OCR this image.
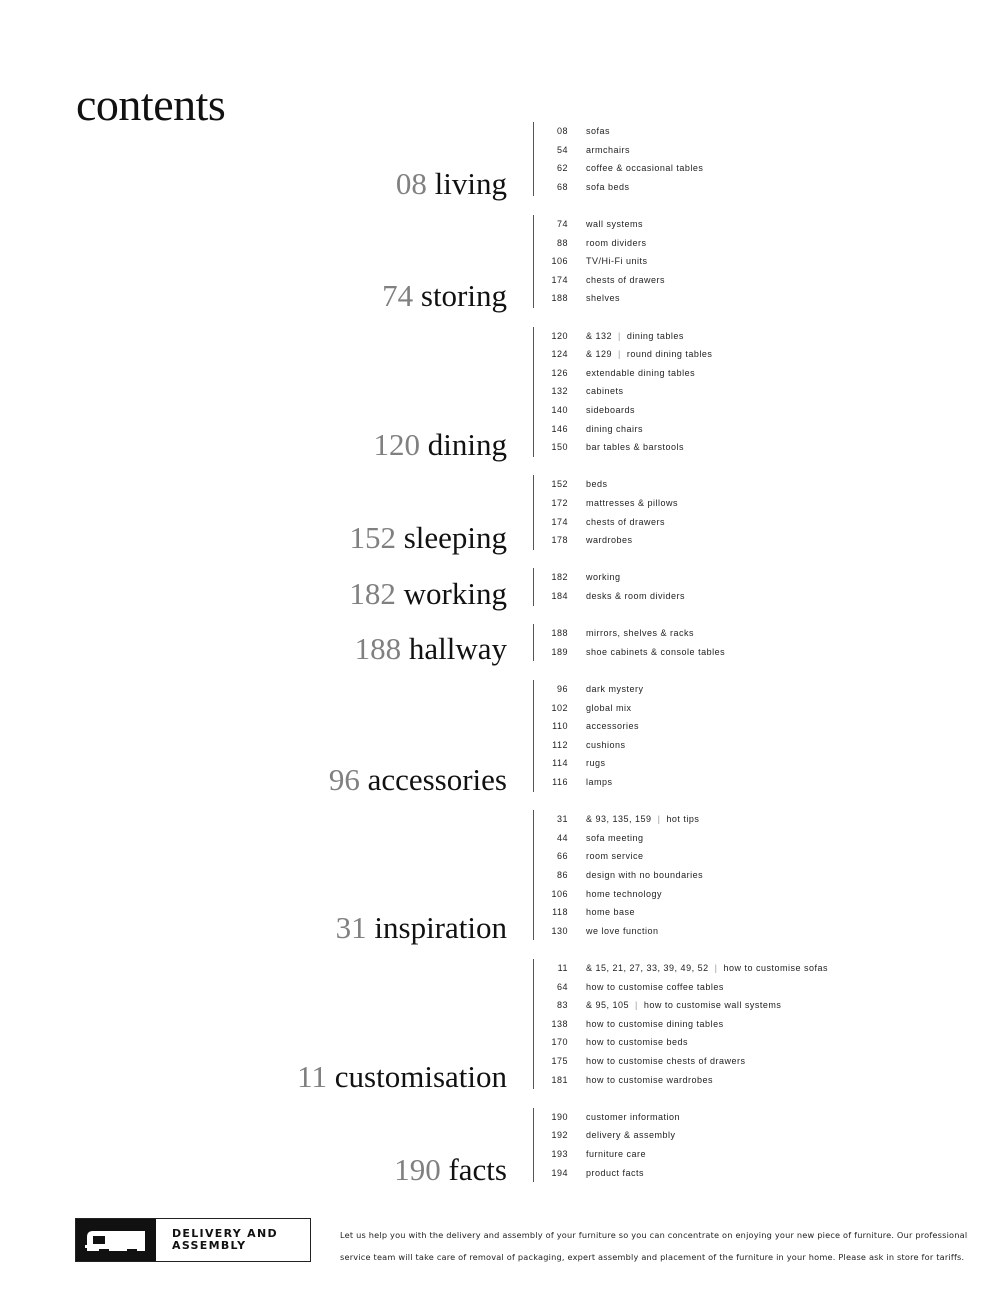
contents
08 living
08 sofas
54 armchairs
62 coffee & occasional tables
68 sofa beds
74 storing
74 wall systems
88 room dividers
106 TV/Hi-Fi units
174 chests of drawers
188 shelves
120 dining
120 & 132 | dining tables
124 & 129 | round dining tables
126 extendable dining tables
132 cabinets
140 sideboards
146 dining chairs
150 bar tables & barstools
152 sleeping
152 beds
172 mattresses & pillows
174 chests of drawers
178 wardrobes
182 working	182 working
184 desks & room dividers
188 hallway	188 mirrors, shelves & racks
189 shoe cabinets & console tables
96 accessories
96 dark mystery
102 global mix
110 accessories
112 cushions
114 rugs
116 lamps
31 inspiration
31 & 93, 135, 159 | hot tips
44 sofa meeting
66 room service
86 design with no boundaries
106 home technology
118 home base
130 we love function
11 customisation
11 & 15, 21, 27, 33, 39, 49, 52 | how to customise sofas
64 how to customise coffee tables
83 & 95, 105 | how to customise wall systems
138 how to customise dining tables
170 how to customise beds
175 how to customise chests of drawers
181 how to customise wardrobes
190 facts
190 customer information
192 delivery & assembly
193 furniture care
194 product facts
DELIVERY AND ASSEMBLY

Let us help you with the delivery and assembly of your furniture so you can concentrate on enjoying your new piece of furniture. Our professional service team will take care of removal of packaging, expert assembly and placement of the furniture in your home. Please ask in store for tariffs.
